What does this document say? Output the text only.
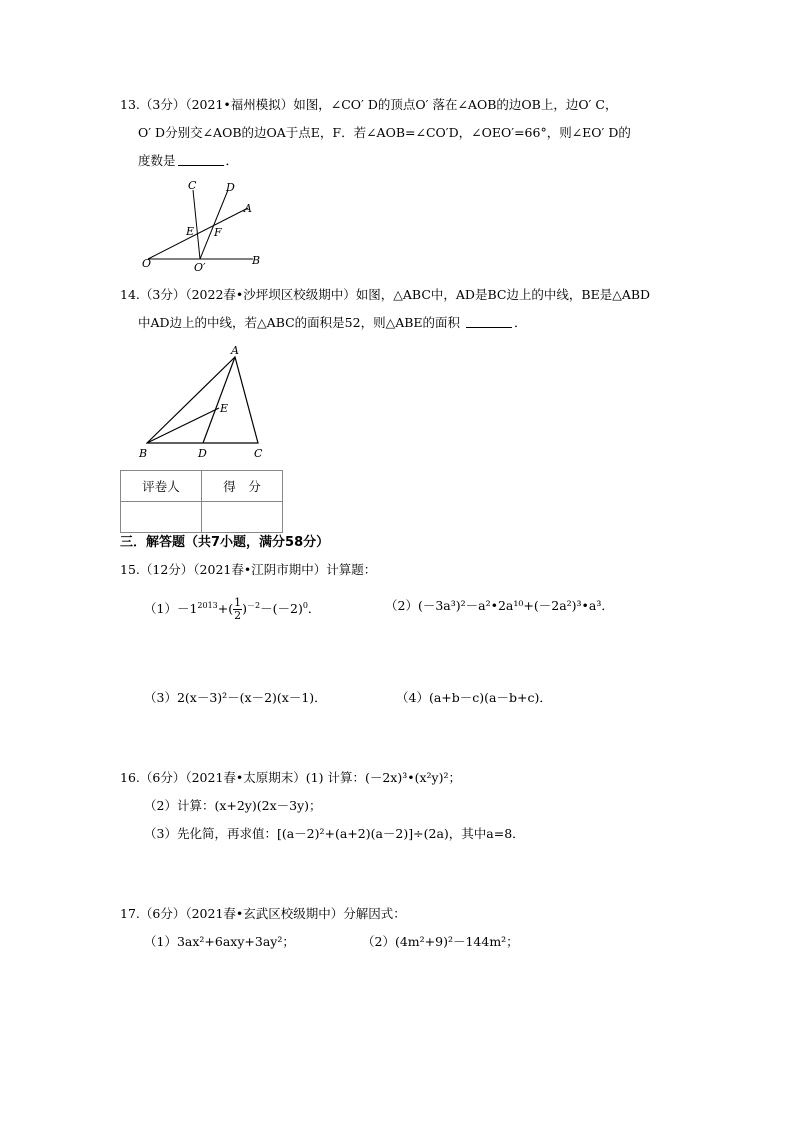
13.（3分）（2021•福州模拟）如图，∠CO′ D的顶点O′ 落在∠AOB的边OB上，边O′ C，
O′ D分别交∠AOB的边OA于点E，F．若∠AOB=∠CO′D，∠OEO′=66°，则∠EO′ D的
度数是	．
C	D
A
E F
O	O′
B
14.（3分）（2022春•沙坪坝区校级期中）如图，△ABC中，AD是BC边上的中线，BE是△ABD
中AD边上的中线，若△ABC的面积是52，则△ABE的面积	．
A
E
B	D	C
评卷人	得　分

三．解答题（共7小题，满分58分）
15.（12分）（2021春•江阴市期中）计算题：
$(1)-1^{2013}+( \frac{1}{2} )^{-2}-(-2)^0$．	（2）(－3a³)²－a²•2a¹⁰+(－2a²)³•a³．
（3）2(x－3)²－(x－2)(x－1)．	（4）(a+b－c)(a－b+c)．
16.（6分）（2021春•太原期末）(1) 计算：(－2x)³•(x²y)²；
（2）计算：(x+2y)(2x－3y)；
（3）先化简，再求值：[(a－2)²+(a+2)(a－2)]÷(2a)，其中a=8．
17.（6分）（2021春•玄武区校级期中）分解因式：
（1）3ax²+6axy+3ay²；	（2）(4m²+9)²－144m²；
